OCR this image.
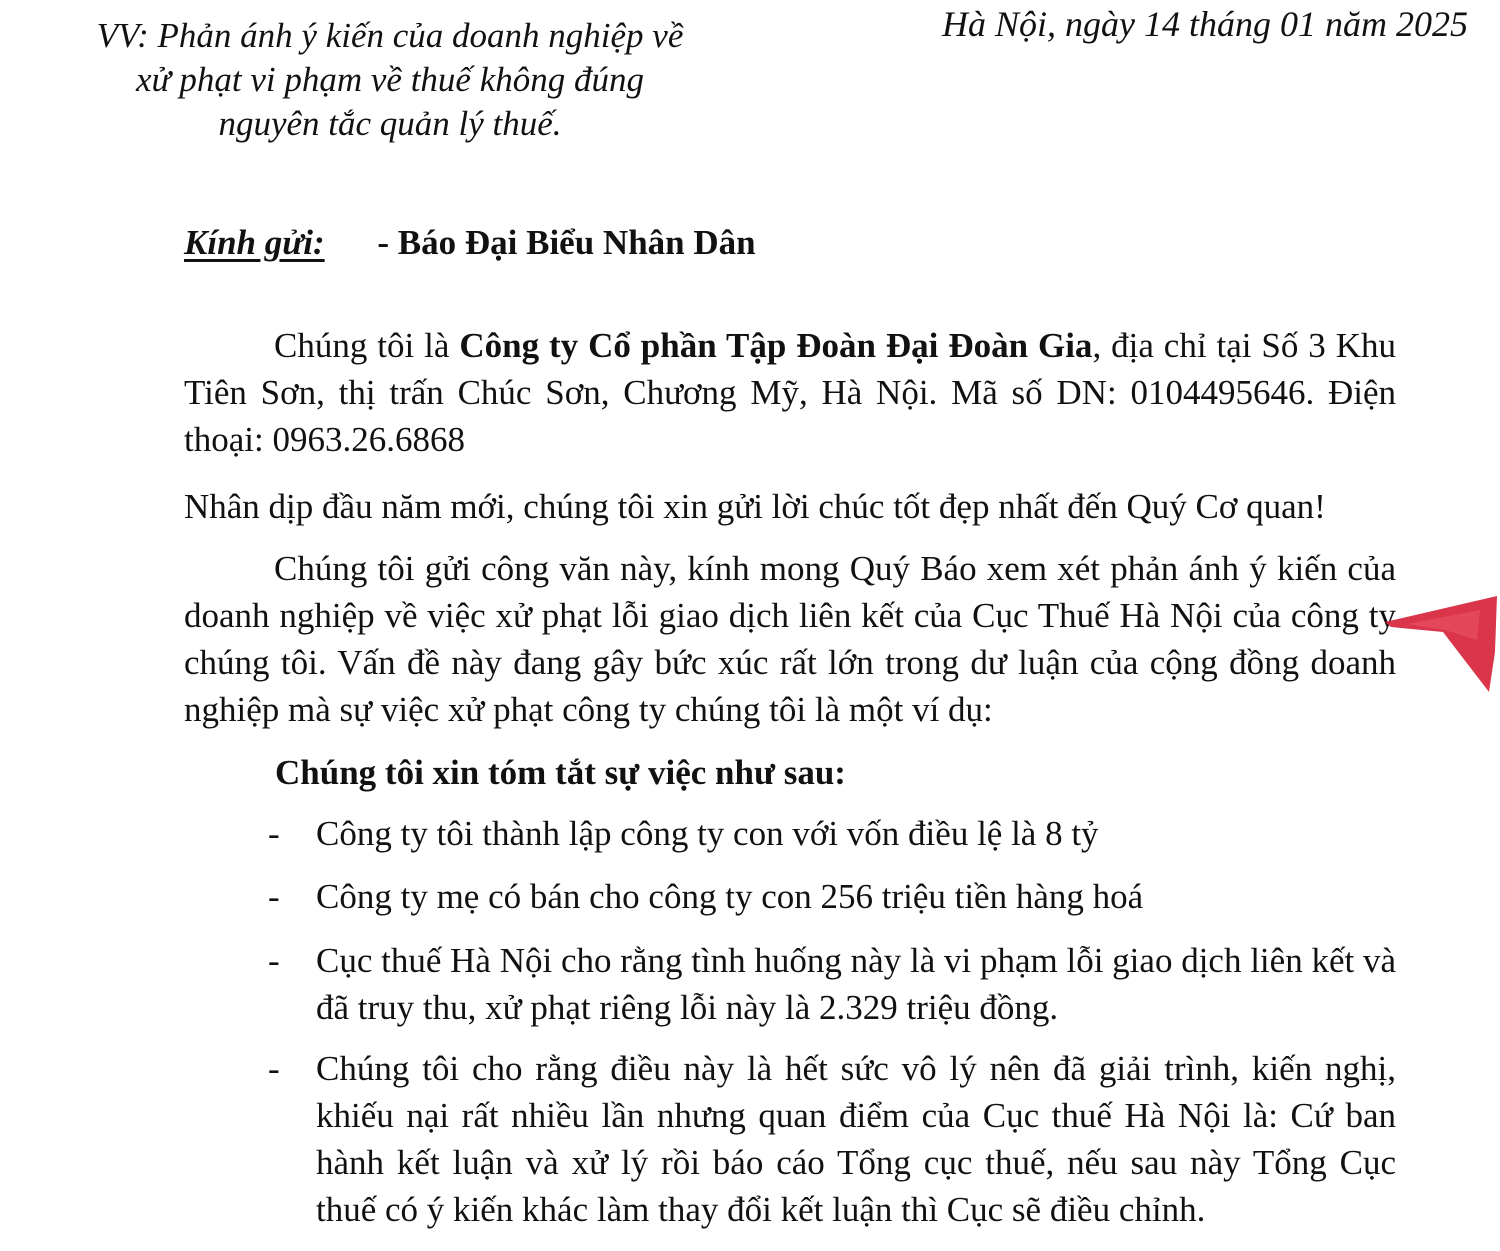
VV: Phản ánh ý kiến của doanh nghiệp về
xử phạt vi phạm về thuế không đúng
nguyên tắc quản lý thuế.
Hà Nội, ngày 14 tháng 01 năm 2025
Kính gửi: - Báo Đại Biểu Nhân Dân
Chúng tôi là Công ty Cổ phần Tập Đoàn Đại Đoàn Gia, địa chỉ tại Số 3 Khu Tiên Sơn, thị trấn Chúc Sơn, Chương Mỹ, Hà Nội. Mã số DN: 0104495646. Điện thoại: 0963.26.6868
Nhân dịp đầu năm mới, chúng tôi xin gửi lời chúc tốt đẹp nhất đến Quý Cơ quan!
Chúng tôi gửi công văn này, kính mong Quý Báo xem xét phản ánh ý kiến của doanh nghiệp về việc xử phạt lỗi giao dịch liên kết của Cục Thuế Hà Nội của công ty chúng tôi. Vấn đề này đang gây bức xúc rất lớn trong dư luận của cộng đồng doanh nghiệp mà sự việc xử phạt công ty chúng tôi là một ví dụ:
Chúng tôi xin tóm tắt sự việc như sau:
-	Công ty tôi thành lập công ty con với vốn điều lệ là 8 tỷ
-	Công ty mẹ có bán cho công ty con 256 triệu tiền hàng hoá
-	Cục thuế Hà Nội cho rằng tình huống này là vi phạm lỗi giao dịch liên kết và đã truy thu, xử phạt riêng lỗi này là 2.329 triệu đồng.
-	Chúng tôi cho rằng điều này là hết sức vô lý nên đã giải trình, kiến nghị, khiếu nại rất nhiều lần nhưng quan điểm của Cục thuế Hà Nội là: Cứ ban hành kết luận và xử lý rồi báo cáo Tổng cục thuế, nếu sau này Tổng Cục thuế có ý kiến khác làm thay đổi kết luận thì Cục sẽ điều chỉnh.
